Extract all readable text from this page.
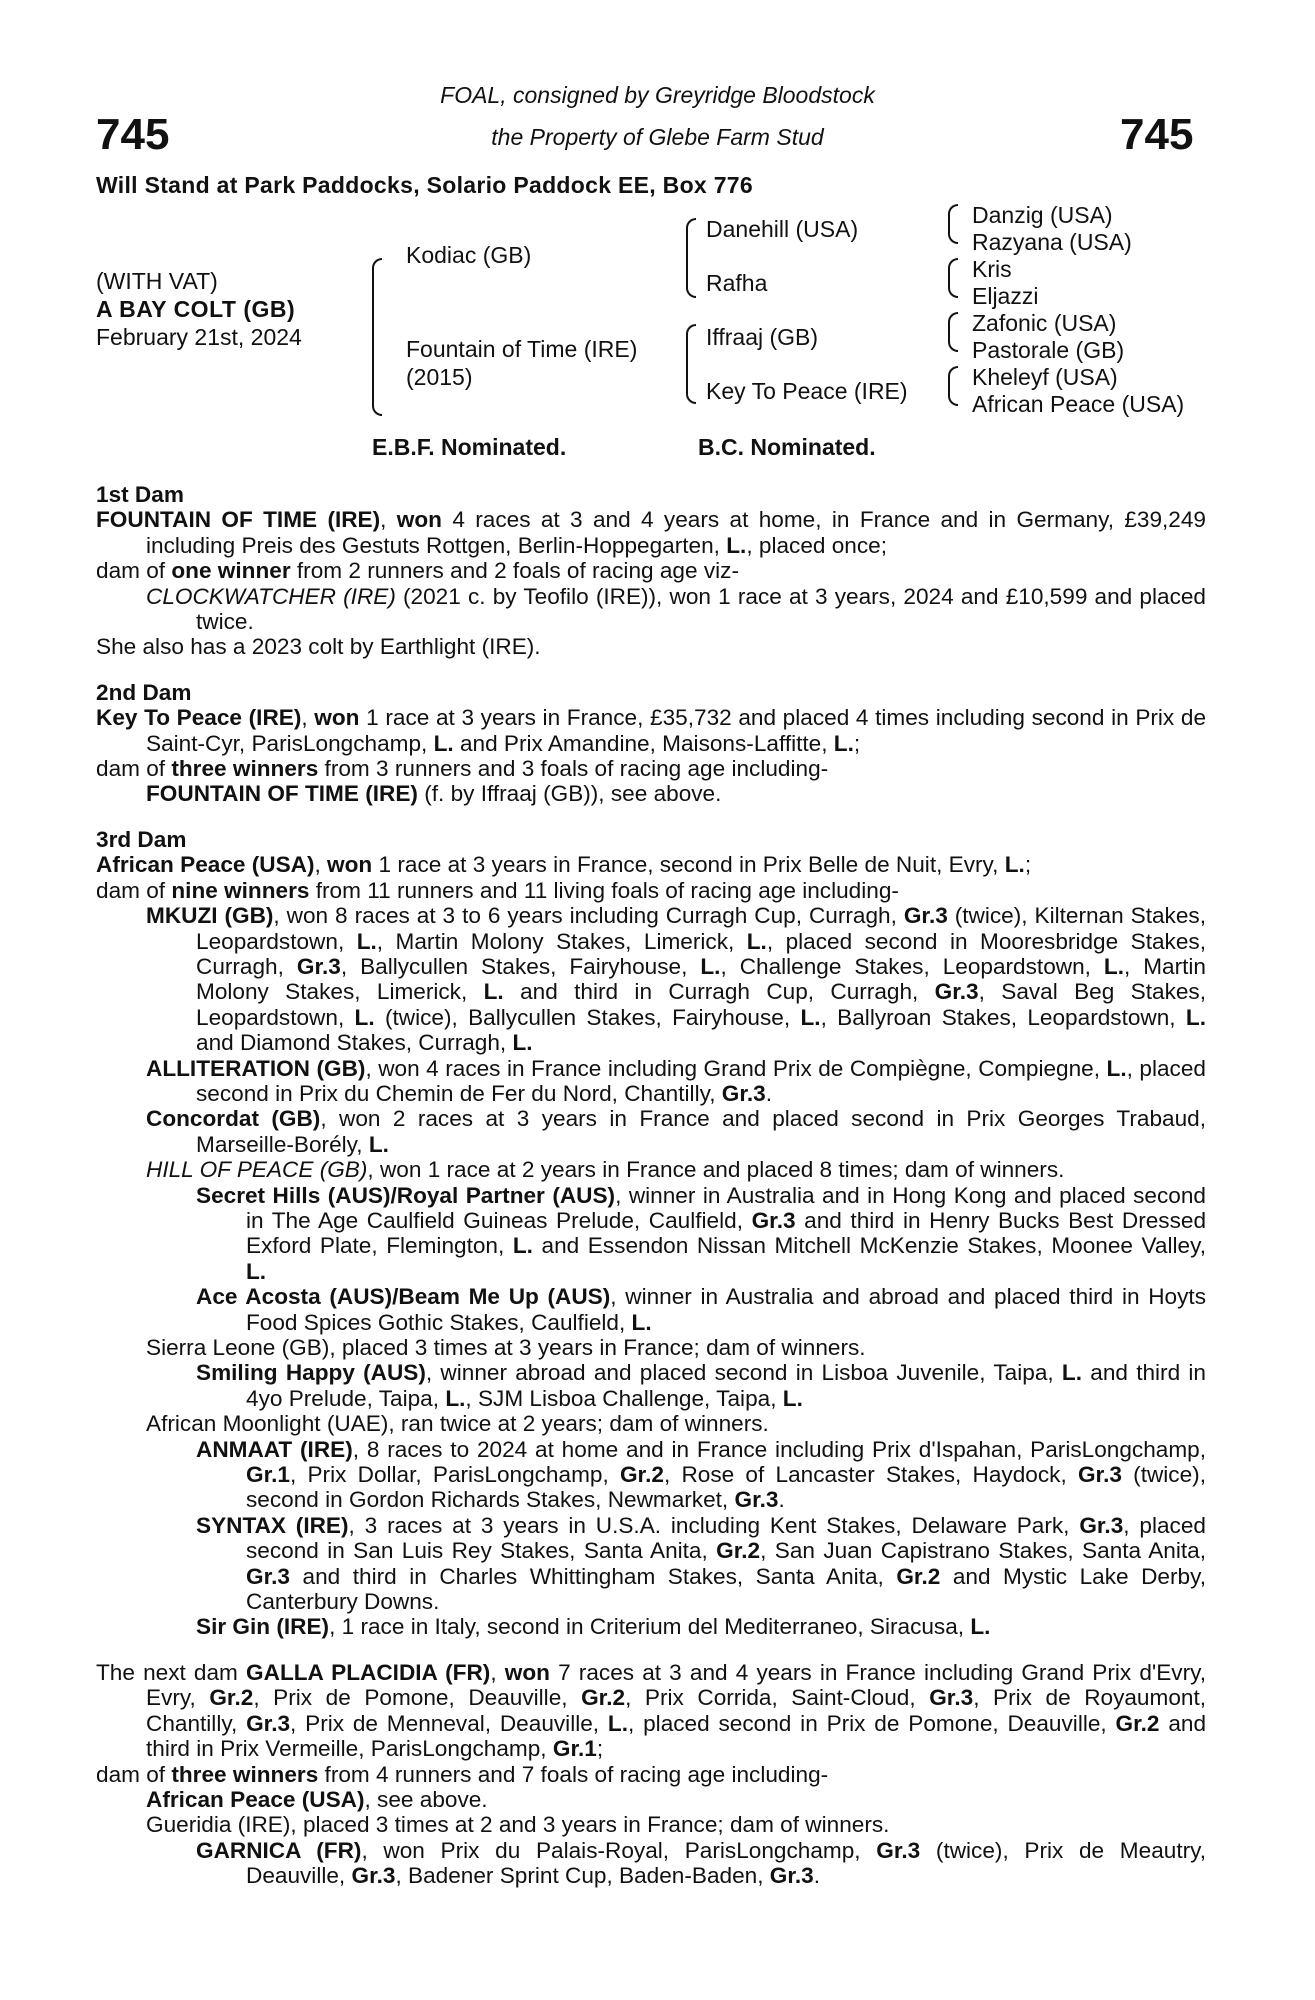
745	745
FOAL, consigned by Greyridge Bloodstock
the Property of Glebe Farm Stud
Will Stand at Park Paddocks, Solario Paddock EE, Box 776
(WITH VAT)
A BAY COLT (GB)
February 21st, 2024
Kodiac (GB)
Fountain of Time (IRE)
(2015)
Danehill (USA)
Rafha
Iffraaj (GB)
Key To Peace (IRE)
Danzig (USA)
Razyana (USA)
Kris
Eljazzi
Zafonic (USA)
Pastorale (GB)
Kheleyf (USA)
African Peace (USA)
E.B.F. Nominated.	B.C. Nominated.

1st Dam

FOUNTAIN OF TIME (IRE), won 4 races at 3 and 4 years at home, in France and in Germany, £39,249 including Preis des Gestuts Rottgen, Berlin-Hoppegarten, L., placed once;

dam of one winner from 2 runners and 2 foals of racing age viz-

CLOCKWATCHER (IRE) (2021 c. by Teofilo (IRE)), won 1 race at 3 years, 2024 and £10,599 and placed twice.

She also has a 2023 colt by Earthlight (IRE).

2nd Dam

Key To Peace (IRE), won 1 race at 3 years in France, £35,732 and placed 4 times including second in Prix de Saint-Cyr, ParisLongchamp, L. and Prix Amandine, Maisons-Laffitte, L.;

dam of three winners from 3 runners and 3 foals of racing age including-

FOUNTAIN OF TIME (IRE) (f. by Iffraaj (GB)), see above.

3rd Dam

African Peace (USA), won 1 race at 3 years in France, second in Prix Belle de Nuit, Evry, L.;

dam of nine winners from 11 runners and 11 living foals of racing age including-

MKUZI (GB), won 8 races at 3 to 6 years including Curragh Cup, Curragh, Gr.3 (twice), Kilternan Stakes, Leopardstown, L., Martin Molony Stakes, Limerick, L., placed second in Mooresbridge Stakes, Curragh, Gr.3, Ballycullen Stakes, Fairyhouse, L., Challenge Stakes, Leopardstown, L., Martin Molony Stakes, Limerick, L. and third in Curragh Cup, Curragh, Gr.3, Saval Beg Stakes, Leopardstown, L. (twice), Ballycullen Stakes, Fairyhouse, L., Ballyroan Stakes, Leopardstown, L. and Diamond Stakes, Curragh, L.

ALLITERATION (GB), won 4 races in France including Grand Prix de Compiègne, Compiegne, L., placed second in Prix du Chemin de Fer du Nord, Chantilly, Gr.3.

Concordat (GB), won 2 races at 3 years in France and placed second in Prix Georges Trabaud, Marseille-Borély, L.

HILL OF PEACE (GB), won 1 race at 2 years in France and placed 8 times; dam of winners.

Secret Hills (AUS)/Royal Partner (AUS), winner in Australia and in Hong Kong and placed second in The Age Caulfield Guineas Prelude, Caulfield, Gr.3 and third in Henry Bucks Best Dressed Exford Plate, Flemington, L. and Essendon Nissan Mitchell McKenzie Stakes, Moonee Valley, L.

Ace Acosta (AUS)/Beam Me Up (AUS), winner in Australia and abroad and placed third in Hoyts Food Spices Gothic Stakes, Caulfield, L.

Sierra Leone (GB), placed 3 times at 3 years in France; dam of winners.

Smiling Happy (AUS), winner abroad and placed second in Lisboa Juvenile, Taipa, L. and third in 4yo Prelude, Taipa, L., SJM Lisboa Challenge, Taipa, L.

African Moonlight (UAE), ran twice at 2 years; dam of winners.

ANMAAT (IRE), 8 races to 2024 at home and in France including Prix d'Ispahan, ParisLongchamp, Gr.1, Prix Dollar, ParisLongchamp, Gr.2, Rose of Lancaster Stakes, Haydock, Gr.3 (twice), second in Gordon Richards Stakes, Newmarket, Gr.3.

SYNTAX (IRE), 3 races at 3 years in U.S.A. including Kent Stakes, Delaware Park, Gr.3, placed second in San Luis Rey Stakes, Santa Anita, Gr.2, San Juan Capistrano Stakes, Santa Anita, Gr.3 and third in Charles Whittingham Stakes, Santa Anita, Gr.2 and Mystic Lake Derby, Canterbury Downs.

Sir Gin (IRE), 1 race in Italy, second in Criterium del Mediterraneo, Siracusa, L.

The next dam GALLA PLACIDIA (FR), won 7 races at 3 and 4 years in France including Grand Prix d'Evry, Evry, Gr.2, Prix de Pomone, Deauville, Gr.2, Prix Corrida, Saint-Cloud, Gr.3, Prix de Royaumont, Chantilly, Gr.3, Prix de Menneval, Deauville, L., placed second in Prix de Pomone, Deauville, Gr.2 and third in Prix Vermeille, ParisLongchamp, Gr.1;

dam of three winners from 4 runners and 7 foals of racing age including-

African Peace (USA), see above.

Gueridia (IRE), placed 3 times at 2 and 3 years in France; dam of winners.

GARNICA (FR), won Prix du Palais-Royal, ParisLongchamp, Gr.3 (twice), Prix de Meautry, Deauville, Gr.3, Badener Sprint Cup, Baden-Baden, Gr.3.
